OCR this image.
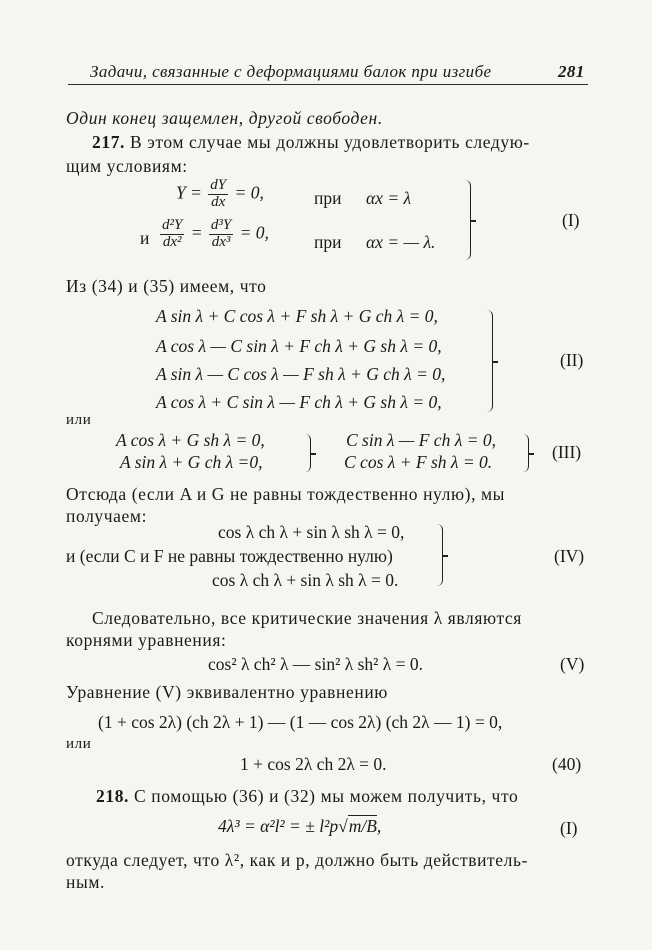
Задачи, связанные с деформациями балок при изгибе	281
Один конец защемлен, другой свободен.
217. В этом случае мы должны удовлетворить следую-
щим условиям:
$Y = \frac{dY}{dx} = 0$,	при αx = λ
и $\frac{\text{d²Y}}{\text{dx²}} = \frac{\text{d³Y}}{\text{dx³}} = 0$,	при αx = — λ.
(I)
Из (34) и (35) имеем, что
A sin λ + C cos λ + F sh λ + G ch λ = 0,
A cos λ — C sin λ + F ch λ + G sh λ = 0,
A sin λ — C cos λ — F sh λ + G ch λ = 0,
A cos λ + C sin λ — F ch λ + G sh λ = 0,
(II)
или
A cos λ + G sh λ = 0,
A sin λ + G ch λ =0,
C sin λ — F ch λ = 0,
C cos λ + F sh λ = 0.	(III)
Отсюда (если A и G не равны тождественно нулю), мы
получаем:
cos λ ch λ + sin λ sh λ = 0,
и (если C и F не равны тождественно нулю)
cos λ ch λ + sin λ sh λ = 0.
(IV)
Следовательно, все критические значения λ являются
корнями уравнения:
cos² λ ch² λ — sin² λ sh² λ = 0.	(V)
Уравнение (V) эквивалентно уравнению
(1 + cos 2λ) (ch 2λ + 1) — (1 — cos 2λ) (ch 2λ — 1) = 0,
или
1 + cos 2λ ch 2λ = 0.	(40)
218. С помощью (36) и (32) мы можем получить, что
4λ³ = α²l² = ± l²p√m/B,	(I)
откуда следует, что λ², как и p, должно быть действитель-
ным.
